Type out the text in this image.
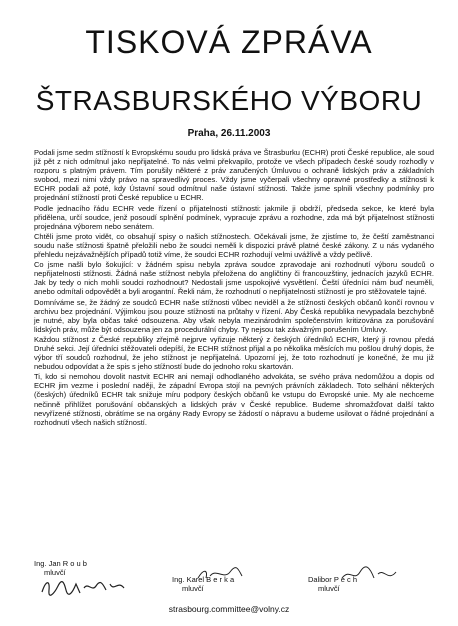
TISKOVÁ ZPRÁVA
ŠTRASBURSKÉHO VÝBORU
Praha, 26.11.2003

Podali jsme sedm stížností k Evropskému soudu pro lidská práva ve Štrasburku (ECHR) proti České republice, ale soud již pět z nich odmítnul jako nepřijatelné. To nás velmi překvapilo, protože ve všech případech české soudy rozhodly v rozporu s platným právem. Tím porušily některé z práv zaručených Úmluvou o ochraně lidských práv a základních svobod, mezi nimi vždy právo na spravedlivý proces. Vždy jsme vyčerpali všechny opravné prostředky a stížnosti k ECHR podali až poté, kdy Ústavní soud odmítnul naše ústavní stížnosti. Takže jsme splnili všechny podmínky pro projednání stížností proti České republice u ECHR.

Podle jednacího řádu ECHR vede řízení o přijatelnosti stížnosti: jakmile ji obdrží, předseda sekce, ke které byla přidělena, určí soudce, jenž posoudí splnění podmínek, vypracuje zprávu a rozhodne, zda má být přijatelnost stížnosti projednána výborem nebo senátem.

Chtěli jsme proto vidět, co obsahují spisy o našich stížnostech. Očekávali jsme, že zjistíme to, že čeští zaměstnanci soudu naše stížnosti špatně přeložili nebo že soudci neměli k dispozici právě platné české zákony. Z u nás vydaného přehledu nejzávažnějších případů totiž víme, že soudci ECHR rozhodují velmi uvážlivě a vždy pečlivě.

Co jsme našli bylo šokující: v žádném spisu nebyla zpráva soudce zpravodaje ani rozhodnutí výboru soudců o nepřijatelnosti stížnosti. Žádná naše stížnost nebyla přeložena do angličtiny či francouzštiny, jednacích jazyků ECHR. Jak by tedy o nich mohli soudci rozhodnout? Nedostali jsme uspokojivé vysvětlení. Čeští úředníci nám buď neuměli, anebo odmítali odpovědět a byli arogantní. Řekli nám, že rozhodnutí o nepřijatelnosti stížností je pro stěžovatele tajné.

Domníváme se, že žádný ze soudců ECHR naše stížnosti vůbec neviděl a že stížnosti českých občanů končí rovnou v archivu bez projednání. Výjimkou jsou pouze stížnosti na průtahy v řízení. Aby Česká republika nevypadala bezchybně je nutné, aby byla občas také odsouzena. Aby však nebyla mezinárodním společenstvím kritizována za porušování lidských práv, může být odsouzena jen za procedurální chyby. Ty nejsou tak závažným porušením Úmluvy.

Každou stížnost z České republiky zřejmě nejprve vyřizuje některý z českých úředníků ECHR, který ji rovnou předá Druhé sekci. Její úředníci stěžovateli odepíší, že ECHR stížnost přijal a po několika měsících mu pošlou druhý dopis, že výbor tří soudců rozhodnul, že jeho stížnost je nepřijatelná. Upozorní jej, že toto rozhodnutí je konečné, že mu již nebudou odpovídat a že spis s jeho stížností bude do jednoho roku skartován.

Ti, kdo si nemohou dovolit nastvit ECHR ani nemají odhodlaného advokáta, se svého práva nedomůžou a dopis od ECHR jim vezme i poslední naději, že západní Evropa stojí na pevných právních základech. Toto selhání některých (českých) úředníků ECHR tak snižuje míru podpory českých občanů ke vstupu do Evropské unie. My ale nechceme nečinně přihlížet porušování občanských a lidských práv v České republice. Budeme shromažďovat další takto nevyřízené stížnosti, obrátíme se na orgány Rady Evropy se žádostí o nápravu a budeme usilovat o řádné projednání a rozhodnutí všech našich stížností.

Ing. Jan R o u b
mluvčí
Ing. Karel B e r k a
mluvčí
Dalibor P e c h
mluvčí
strasbourg.committee@volny.cz
